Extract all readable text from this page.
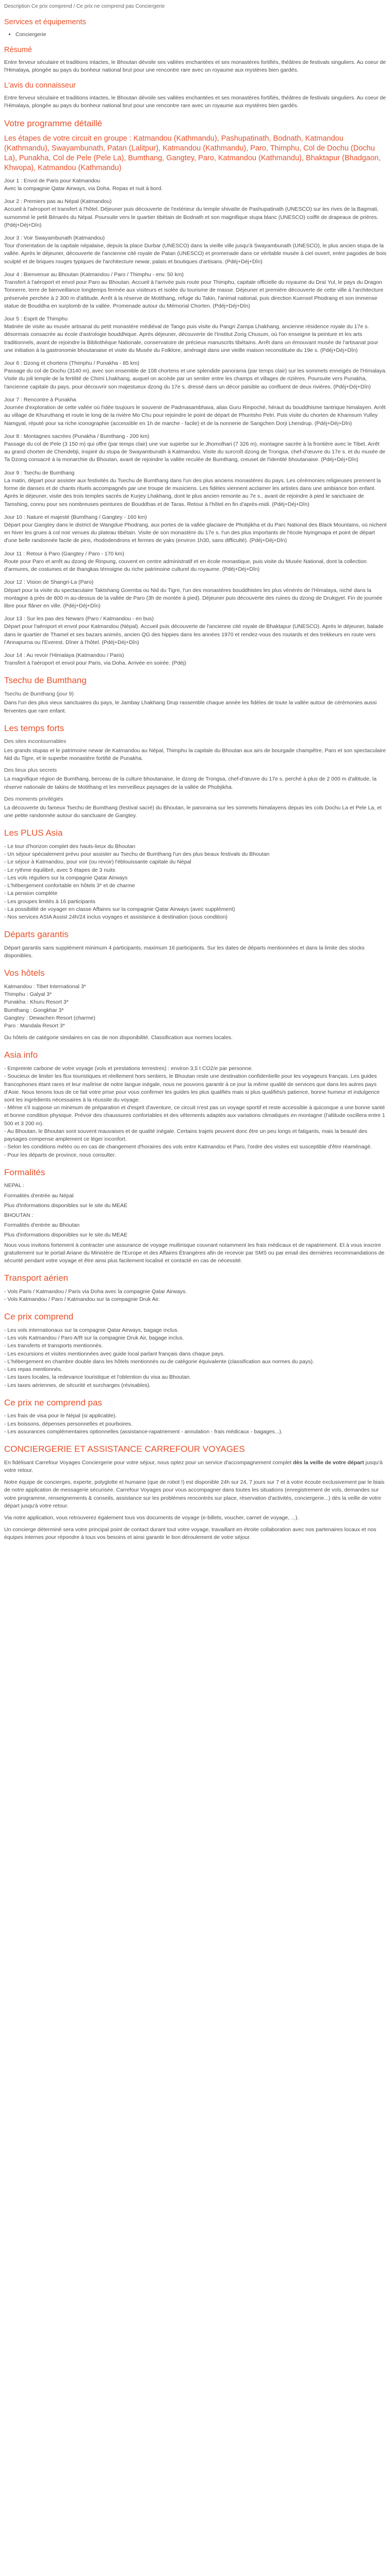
Description Ce prix comprend / Ce prix ne comprend pas Conciergerie
Services et équipements
• Conciergerie
Résumé

Entre ferveur séculaire et traditions intactes, le Bhoutan dévoile ses vallées enchantées et ses monastères fortifiés, théâtres de festivals singuliers. Au coeur de l'Himalaya, plongée au pays du bonheur national brut pour une rencontre rare avec un royaume aux mystères bien gardés.

L'avis du connaisseur

Entre ferveur séculaire et traditions intactes, le Bhoutan dévoile ses vallées enchantées et ses monastères fortifiés, théâtres de festivals singuliers. Au coeur de l'Himalaya, plongée au pays du bonheur national brut pour une rencontre rare avec un royaume aux mystères bien gardés.

Votre programme détaillé
Les étapes de votre circuit en groupe : Katmandou (Kathmandu), Pashupatinath, Bodnath, Katmandou (Kathmandu), Swayambunath, Patan (Lalitpur), Katmandou (Kathmandu), Paro, Thimphu, Col de Dochu (Dochu La), Punakha, Col de Pele (Pele La), Bumthang, Gangtey, Paro, Katmandou (Kathmandu), Bhaktapur (Bhadgaon, Khwopa), Katmandou (Kathmandu)
Jour 1 : Envol de Paris pour Katmandou
Avec la compagnie Qatar Airways, via Doha. Repas et nuit à bord.
Jour 2 : Premiers pas au Népal (Katmandou)
Accueil à l'aéroport et transfert à l'hôtel. Déjeuner puis découverte de l'extérieur du temple shivaïte de Pashupatinath (UNESCO) sur les rives de la Bagmati, surnommé le petit Bénarès du Népal. Poursuite vers le quartier tibétain de Bodnath et son magnifique stupa blanc (UNESCO) coiffé de drapeaux de prières. (Pdéj+Déj+Dîn)
Jour 3 : Voir Swayambunath (Katmandou)
Tour d'orientation de la capitale népalaise, depuis la place Durbar (UNESCO) dans la vieille ville jusqu'à Swayambunath (UNESCO), le plus ancien stupa de la vallée. Après le déjeuner, découverte de l'ancienne cité royale de Patan (UNESCO) et promenade dans ce véritable musée à ciel ouvert, entre pagodes de bois sculpté et de briques rouges typiques de l'architecture newar, palais et boutiques d'artisans. (Pdéj+Déj+Dîn)
Jour 4 : Bienvenue au Bhoutan (Katmandou / Paro / Thimphu - env. 50 km)
Transfert à l'aéroport et envol pour Paro au Bhoutan. Accueil à l'arrivée puis route pour Thimphu, capitale officielle du royaume du Draï Yul, le pays du Dragon Tonnerre, terre de bienveillance longtemps fermée aux visiteurs et isolée du tourisme de masse. Déjeuner et première découverte de cette ville à l'architecture préservée perchée à 2 300 m d'altitude. Arrêt à la réserve de Motithang, refuge du Takin, l'animal national, puis direction Kuensel Phodrang et son immense statue de Bouddha en surplomb de la vallée. Promenade autour du Mémorial Chorten. (Pdéj+Déj+Dîn)
Jour 5 : Esprit de Thimphu
Matinée de visite au musée artisanal du petit monastère médiéval de Tango puis visite du Pangri Zampa Lhakhang, ancienne résidence royale du 17e s. désormais consacrée au école d'astrologie bouddhique. Après déjeuner, découverte de l'Institut Zorig Chusum, où l'on enseigne la peinture et les arts traditionnels, avant de rejoindre la Bibliothèque Nationale, conservatoire de précieux manuscrits tibétains. Arrêt dans un émouvant musée de l'artisanat pour une initiation à la gastronomie bhoutanaise et visite du Musée du Folklore, aménagé dans une vieille maison reconstituée du 19e s. (Pdéj+Déj+Dîn)
Jour 6 : Dzong et chortens (Thimphu / Punakha - 85 km)
Passage du col de Dochu (3140 m), avec son ensemble de 108 chortens et une splendide panorama (par temps clair) sur les sommets enneigés de l'Himalaya. Visite du joli temple de la fertilité de Chimi Lhakhang, auquel on accède par un sentier entre les champs et villages de rizières. Poursuite vers Punakha, l'ancienne capitale du pays, pour découvrir son majestueux dzong du 17e s. dressé dans un décor paisible au confluent de deux rivières. (Pdéj+Déj+Dîn)
Jour 7 : Rencontre à Punakha
Journée d'exploration de cette vallée où l'idée toujours le souvenir de Padmasambhava, alias Guru Rinpoché, héraut du bouddhisme tantrique himalayen. Arrêt au village de Khuruthang et route le long de la rivière Mo Chu pour rejoindre le point de départ de Phuntsho Pelri. Puis visite du chorten de Khamsum Yulley Namgyal, réputé pour sa riche iconographie (accessible en 1h de marche - facile) et de la nonnerie de Sangchen Dorji Lhendrup. (Pdéj+Déj+Dîn)
Jour 8 : Montagnes sacrées (Punakha / Bumthang - 200 km)
Passage du col de Pele (3 150 m) qui offre (par temps clair) une vue superbe sur le Jhomolhari (7 326 m), montagne sacrée à la frontière avec le Tibet. Arrêt au grand chorten de Chendebji, inspiré du stupa de Swayambunath à Katmandou. Visite du surcroît dzong de Trongsa, chef-d'œuvre du 17e s. et du musée de Ta Dzong consacré à la monarchie du Bhoutan, avant de rejoindre la vallée reculée de Bumthang, creuset de l'identité bhoutanaise. (Pdéj+Déj+Dîn)
Jour 9 : Tsechu de Bumthang
La matin, départ pour assister aux festivités du Tsechu de Bumthang dans l'un des plus anciens monastères du pays. Les cérémonies religieuses prennent la forme de danses et de chants rituels accompagnés par une troupe de musiciens. Les fidèles viennent acclamer les artistes dans une ambiance bon enfant. Après le déjeuner, visite des trois temples sacrés de Kurjey Lhakhang, dont le plus ancien remonte au 7e s., avant de rejoindre à pied le sanctuaire de Tamshing, connu pour ses nombreuses peintures de Bouddhas et de Taras. Retour à l'hôtel en fin d'après-midi. (Pdéj+Déj+Dîn)
Jour 10 : Nature et majesté (Bumthang / Gangtey - 160 km)
Départ pour Gangtey dans le district de Wangdue Phodrang, aux portes de la vallée glaciaire de Phobjikha et du Parc National des Black Mountains, où nichent en hiver les grues à col noir venues du plateau tibétain. Visite de son monastère du 17e s. l'un des plus importants de l'école Nyingmapa et point de départ d'une belle randonnée facile de pins, rhododendrons et fermes de yaks (environ 1h30, sans difficulté). (Pdéj+Déj+Dîn)
Jour 11 : Retour à Paro (Gangtey / Paro - 170 km)
Route pour Paro et arrêt au dzong de Rinpung, couvent en centre administratif et en école monastique, puis visite du Musée National, dont la collection d'armures, de costumes et de thangkas témoigne du riche patrimoine culturel du royaume. (Pdéj+Déj+Dîn)
Jour 12 : Vision de Shangri-La (Paro)
Départ pour la visite du spectaculaire Taktshang Goemba ou Nid du Tigre, l'un des monastères bouddhistes les plus vénérés de l'Himalaya, niché dans la montagne à près de 800 m au-dessus de la vallée de Paro (3h de montée à pied). Déjeuner puis découverte des ruines du dzong de Drukgyel. Fin de journée libre pour flâner en ville. (Pdéj+Déj+Dîn)
Jour 13 : Sur les pas des Newars (Paro / Katmandou - en bus)
Départ pour l'aéroport et envol pour Katmandou (Népal). Accueil puis découverte de l'ancienne cité royale de Bhaktapur (UNESCO). Après le déjeuner, balade dans le quartier de Thamel et ses bazars animés, ancien QG des hippies dans les années 1970 et rendez-vous des routards et des trekkeurs en route vers l'Annapurna ou l'Everest. Dîner à l'hôtel. (Pdéj+Déj+Dîn)
Jour 14 : Au revoir l'Himalaya (Katmandou / Paris)
Transfert à l'aéroport et envol pour Paris, via Doha. Arrivée en soirée. (Pdéj)
Tsechu de Bumthang
Tsechu de Bumthang (jour 9)

Dans l'un des plus vieux sanctuaires du pays, le Jambay Lhakhang Drup rassemble chaque année les fidèles de toute la vallée autour de cérémonies aussi ferventes que rare enfant.

Les temps forts
Des sites incontournables

Les grands stupas et le patrimoine newar de Katmandou au Népal, Thimphu la capitale du Bhoutan aux airs de bourgade champêtre, Paro et son spectaculaire Nid du Tigre, et le superbe monastère fortifié de Punakha.

Des lieux plus secrets

La magnifique région de Bumthang, berceau de la culture bhoutanaise, le dzong de Trongsa, chef-d'œuvre du 17e s. perché à plus de 2 000 m d'altitude, la réserve nationale de takins de Motithang et les merveilleux paysages de la vallée de Phobjikha.

Des moments privilégiés

La découverte du fameux Tsechu de Bumthang (festival sacré) du Bhoutan, le panorama sur les sommets himalayens depuis les cols Dochu La et Pele La, et une petite randonnée autour du sanctuaire de Gangtey.

Les PLUS Asia

- Le tour d'horizon complet des hauts-lieux du Bhoutan

- Un séjour spécialement prévu pour assister au Tsechu de Bumthang l'un des plus beaux festivals du Bhoutan

- Le séjour à Katmandou, pour voir (ou revoir) l'éblouissante capitale du Népal

- Le rythme équilibré, avec 5 étapes de 3 nuits

- Les vols réguliers sur la compagnie Qatar Airways

- L'hébergement confortable en hôtels 3* et de charme

- La pension complète

- Les groupes limités à 16 participants

- La possibilité de voyager en classe Affaires sur la compagnie Qatar Airways (avec supplément)

- Nos services ASIA Assist 24h/24 inclus voyages et assistance à destination (sous condition)

Départs garantis

Départ garantis sans supplément minimum 4 participants, maximum 16 participants. Sur les dates de départs mentionnées et dans la limite des stocks disponibles.

Vos hôtels

Katmandou : Tibet International 3*

Thimphu : Galyal 3*

Punakha : Khuru Resort 3*

Bumthang : Gongkhar 3*

Gangtey : Dewachen Resort (charme)

Paro : Mandala Resort 3*

Ou hôtels de catégorie similaires en cas de non disponibilité. Classification aux normes locales.

Asia info

- Empreinte carbone de votre voyage (vols et prestations terrestres) : environ 3,5 t CO2/e par personne.

- Soucieux de limiter les flux touristiques et réellement hors sentiers, le Bhoutan reste une destination confidentielle pour les voyageurs français. Les guides francophones étant rares et leur maîtrise de notre langue inégale, nous ne pouvons garantir à ce jour la même qualité de services que dans les autres pays d'Asie. Nous tenons tous de ce fait votre prise pour vous confirmer les guides les plus qualifiés mais si plus qualifiés/s patience, bonne humeur et indulgence sont les ingrédients nécessaires à la réussite du voyage.

- Même s'il suppose un minimum de préparation et d'esprit d'aventure, ce circuit n'est pas un voyage sportif et reste accessible à quiconque a une bonne santé et bonne condition physique. Prévoir des chaussures confortables et des vêtements adaptés aux variations climatiques en montagne (l'altitude oscillera entre 1 500 et 3 200 m).

- Au Bhoutan, le Bhoutan sont souvent mauvaises et de qualité inégale. Certains trajets peuvent donc être un peu longs et fatigants, mais la beauté des paysages compense amplement ce léger inconfort.

- Selon les conditions météo ou en cas de changement d'horaires des vols entre Katmandou et Paro, l'ordre des visites est susceptible d'être réaménagé.

- Pour les départs de province, nous consulter.

Formalités

NEPAL :

Formalités d'entrée au Népal

Plus d'informations disponibles sur le site du MEAE

BHOUTAN :

Formalités d'entrée au Bhoutan

Plus d'informations disponibles sur le site du MEAE

Nous vous invitons fortement à contracter une assurance de voyage multirisque couvrant notamment les frais médicaux et de rapatriement. Et à vous inscrire gratuitement sur le portail Ariane du Ministère de l'Europe et des Affaires Étrangères afin de recevoir par SMS ou par email des dernières recommandations de sécurité pendant votre voyage et être ainsi plus facilement localisé et contacté en cas de nécessité.

Transport aérien

- Vols Paris / Katmandou / Paris via Doha avec la compagnie Qatar Airways.

- Vols Katmandou / Paro / Katmandou sur la compagnie Druk Air.

Ce prix comprend

- Les vols internationaux sur la compagnie Qatar Airways, bagage inclus.

- Les vols Katmandou / Paro A/R sur la compagnie Druk Air, bagage inclus.

- Les transferts et transports mentionnés.

- Les excursions et visites mentionnées avec guide local parlant français dans chaque pays.

- L'hébergement en chambre double dans les hôtels mentionnés ou de catégorie équivalente (classification aux normes du pays).

- Les repas mentionnés.

- Les taxes locales, la redevance touristique et l'obtention du visa au Bhoutan.

- Les taxes aériennes, de sécurité et surcharges (révisables).

Ce prix ne comprend pas

- Les frais de visa pour le Népal (si applicable).

- Les boissons, dépenses personnelles et pourboires.

- Les assurances complémentaires optionnelles (assistance-rapatriement - annulation - frais médicaux - bagages...).

CONCIERGERIE ET ASSISTANCE CARREFOUR VOYAGES

En fidélisant Carrefour Voyages Conciergerie pour votre séjour, nous optez pour un service d'accompagnement complet dès la veille de votre départ jusqu'à votre retour.

Notre équipe de concierges, experte, polyglotte et humaine (que de robot !) est disponible 24h sur 24, 7 jours sur 7 et à votre écoute exclusivement par le biais de notre application de messagerie sécurisée. Carrefour Voyages pour vous accompagner dans toutes les situations (enregistrement de vols, demandes sur votre programme, renseignements & conseils, assistance sur les problèmes rencontrés sur place, réservation d'activités, conciergerie...) dès la veille de votre départ jusqu'à votre retour.

Via notre application, vous retrouverez également tous vos documents de voyage (e-billets, voucher, carnet de voyage, ...).

Un concierge déterminé sera votre principal point de contact durant tout votre voyage, travaillant en étroite collaboration avec nos partenaires locaux et nos équipes internes pour répondre à tous vos besoins et ainsi garantir le bon déroulement de votre séjour.
